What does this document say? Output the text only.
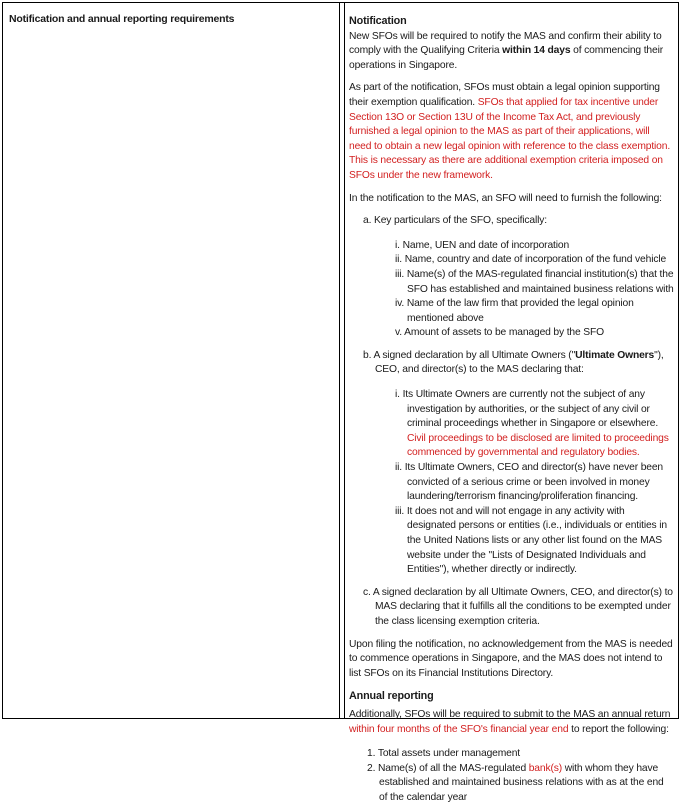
Notification and annual reporting requirements	Notification

New SFOs will be required to notify the MAS and confirm their ability to comply with the Qualifying Criteria within 14 days of commencing their operations in Singapore.

As part of the notification, SFOs must obtain a legal opinion supporting their exemption qualification. SFOs that applied for tax incentive under Section 13O or Section 13U of the Income Tax Act, and previously furnished a legal opinion to the MAS as part of their applications, will need to obtain a new legal opinion with reference to the class exemption. This is necessary as there are additional exemption criteria imposed on SFOs under the new framework.

In the notification to the MAS, an SFO will need to furnish the following:

a. Key particulars of the SFO, specifically:
i. Name, UEN and date of incorporation
ii. Name, country and date of incorporation of the fund vehicle
iii. Name(s) of the MAS-regulated financial institution(s) that the SFO has established and maintained business relations with
iv. Name of the law firm that provided the legal opinion mentioned above
v. Amount of assets to be managed by the SFO
b. A signed declaration by all Ultimate Owners ("Ultimate Owners"), CEO, and director(s) to the MAS declaring that:
i. Its Ultimate Owners are currently not the subject of any investigation by authorities, or the subject of any civil or criminal proceedings whether in Singapore or elsewhere. Civil proceedings to be disclosed are limited to proceedings commenced by governmental and regulatory bodies.
ii. Its Ultimate Owners, CEO and director(s) have never been convicted of a serious crime or been involved in money laundering/terrorism financing/proliferation financing.
iii. It does not and will not engage in any activity with designated persons or entities (i.e., individuals or entities in the United Nations lists or any other list found on the MAS website under the "Lists of Designated Individuals and Entities"), whether directly or indirectly.
c. A signed declaration by all Ultimate Owners, CEO, and director(s) to MAS declaring that it fulfills all the conditions to be exempted under the class licensing exemption criteria.

Upon filing the notification, no acknowledgement from the MAS is needed to commence operations in Singapore, and the MAS does not intend to list SFOs on its Financial Institutions Directory.

Annual reporting

Additionally, SFOs will be required to submit to the MAS an annual return within four months of the SFO's financial year end to report the following:

1. Total assets under management
2. Name(s) of all the MAS-regulated bank(s) with whom they have established and maintained business relations with as at the end of the calendar year
